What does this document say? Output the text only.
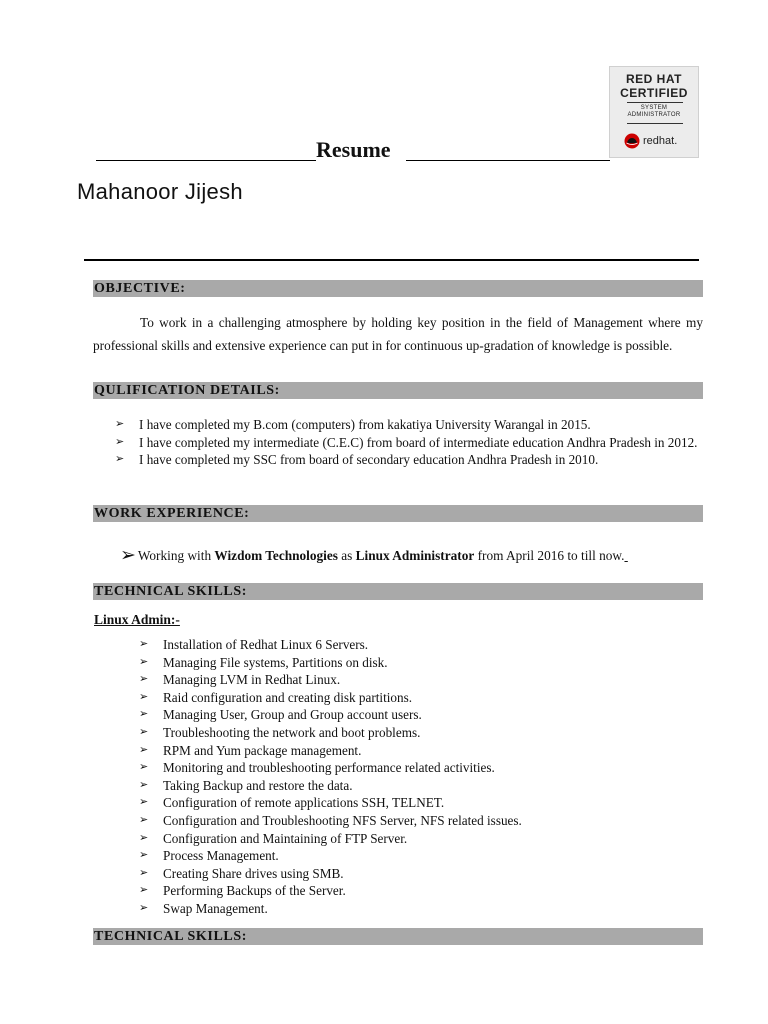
RED HAT
CERTIFIED
SYSTEM
ADMINISTRATOR
redhat.
Resume
Mahanoor Jijesh
OBJECTIVE:
To work in a challenging atmosphere by holding key position in the field of Management where my professional skills and extensive experience can put in for continuous up-gradation of knowledge is possible.
QULIFICATION DETAILS:
➢ I have completed my B.com (computers) from kakatiya University Warangal in 2015.
➢ I have completed my intermediate (C.E.C) from board of intermediate education Andhra Pradesh in 2012.
➢ I have completed my SSC from board of secondary education Andhra Pradesh in 2010.
WORK EXPERIENCE:
➢ Working with Wizdom Technologies as Linux Administrator from April 2016 to till now.
TECHNICAL SKILLS:
Linux Admin:-
➢ Installation of Redhat Linux 6 Servers.
➢ Managing File systems, Partitions on disk.
➢ Managing LVM in Redhat Linux.
➢ Raid configuration and creating disk partitions.
➢ Managing User, Group and Group account users.
➢ Troubleshooting the network and boot problems.
➢ RPM and Yum package management.
➢ Monitoring and troubleshooting performance related activities.
➢ Taking Backup and restore the data.
➢ Configuration of remote applications SSH, TELNET.
➢ Configuration and Troubleshooting NFS Server, NFS related issues.
➢ Configuration and Maintaining of FTP Server.
➢ Process Management.
➢ Creating Share drives using SMB.
➢ Performing Backups of the Server.
➢ Swap Management.
TECHNICAL SKILLS:
